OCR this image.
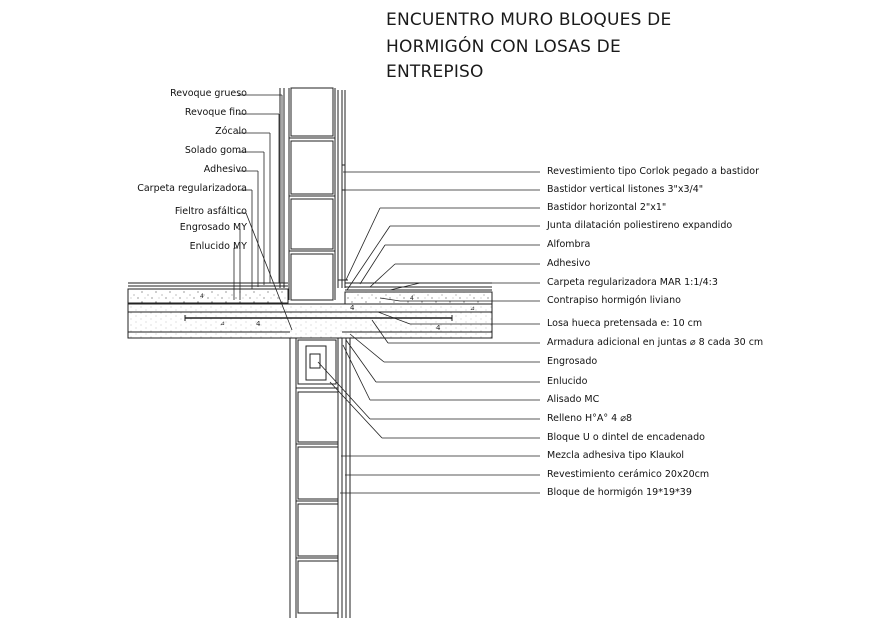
ENCUENTRO MURO BLOQUES DE
HORMIGÓN CON LOSAS DE
ENTREPISO
Revoque grueso
Revoque fino
Zócalo
Solado goma
Adhesivo
Carpeta regularizadora
Fieltro asfáltico
Engrosado MY
Enlucido MY
Revestimiento tipo Corlok pegado a bastidor
Bastidor vertical listones 3"x3/4"
Bastidor horizontal 2"x1"
Junta dilatación poliestireno expandido
Alfombra
Adhesivo
Carpeta regularizadora MAR 1:1/4:3
Contrapiso hormigón liviano
Losa hueca pretensada e: 10 cm
Armadura adicional en juntas ⌀ 8 cada 30 cm
Engrosado
Enlucido
Alisado MC
Relleno H°A° 4 ⌀8
Bloque U o dintel de encadenado
Mezcla adhesiva tipo Klaukol
Revestimiento cerámico 20x20cm
Bloque de hormigón 19*19*39
4
4
4
4	4
⊿
⊿
